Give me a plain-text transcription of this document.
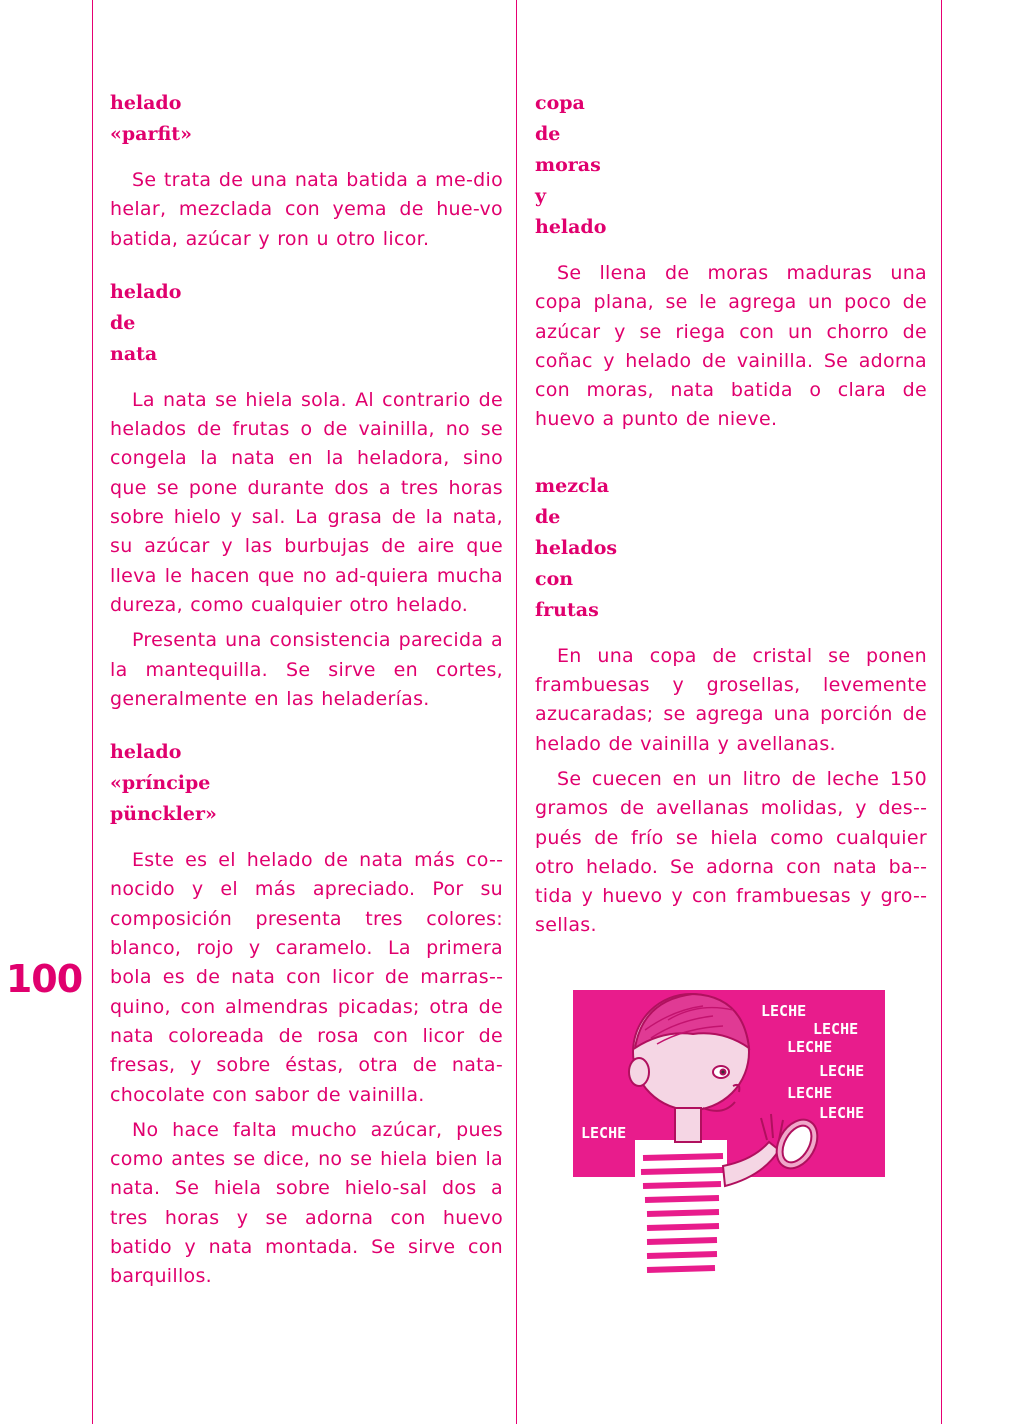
100
helado
«parfit»

Se trata de una nata batida a me-dio helar, mezclada con yema de hue-vo batida, azúcar y ron u otro licor.

helado
de
nata

La nata se hiela sola. Al contrario de helados de frutas o de vainilla, no se congela la nata en la heladora, sino que se pone durante dos a tres horas sobre hielo y sal. La grasa de la nata, su azúcar y las burbujas de aire que lleva le hacen que no ad-quiera mucha dureza, como cualquier otro helado.

Presenta una consistencia parecida a la mantequilla. Se sirve en cortes, generalmente en las heladerías.

helado
«príncipe
pünckler»

Este es el helado de nata más co-nocido y el más apreciado. Por su composición presenta tres colores: blanco, rojo y caramelo. La primera bola es de nata con licor de marras-quino, con almendras picadas; otra de nata coloreada de rosa con licor de fresas, y sobre éstas, otra de nata-chocolate con sabor de vainilla.

No hace falta mucho azúcar, pues como antes se dice, no se hiela bien la nata. Se hiela sobre hielo-sal dos a tres horas y se adorna con huevo batido y nata montada. Se sirve con barquillos.

copa
de
moras
y
helado

Se llena de moras maduras una copa plana, se le agrega un poco de azúcar y se riega con un chorro de coñac y helado de vainilla. Se adorna con moras, nata batida o clara de huevo a punto de nieve.

mezcla
de
helados
con
frutas

En una copa de cristal se ponen frambuesas y grosellas, levemente azucaradas; se agrega una porción de helado de vainilla y avellanas.

Se cuecen en un litro de leche 150 gramos de avellanas molidas, y des-pués de frío se hiela como cualquier otro helado. Se adorna con nata ba-tida y huevo y con frambuesas y gro-sellas.

LECHE
LECHE
LECHE
LECHE
LECHE
LECHE
LECHE
